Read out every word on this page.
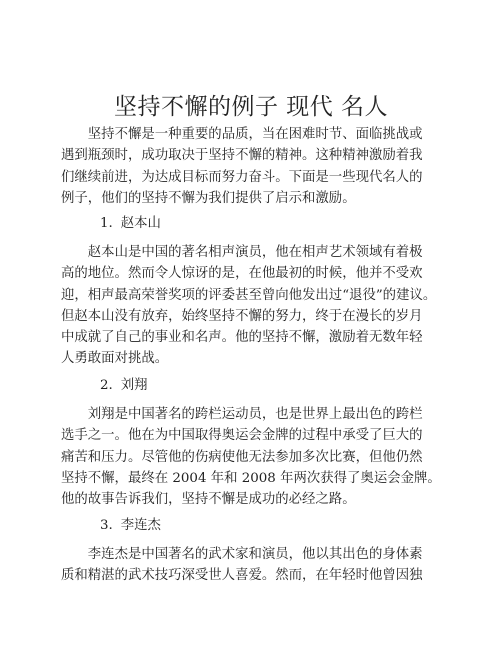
坚持不懈的例子 现代 名人
坚持不懈是一种重要的品质，当在困难时节、面临挑战或
遇到瓶颈时，成功取决于坚持不懈的精神。这种精神激励着我
们继续前进，为达成目标而努力奋斗。下面是一些现代名人的
例子，他们的坚持不懈为我们提供了启示和激励。
1. 赵本山
赵本山是中国的著名相声演员，他在相声艺术领域有着极
高的地位。然而令人惊讶的是，在他最初的时候，他并不受欢
迎，相声最高荣誉奖项的评委甚至曾向他发出过“退役”的建议。
但赵本山没有放弃，始终坚持不懈的努力，终于在漫长的岁月
中成就了自己的事业和名声。他的坚持不懈，激励着无数年轻
人勇敢面对挑战。
2. 刘翔
刘翔是中国著名的跨栏运动员，也是世界上最出色的跨栏
选手之一。他在为中国取得奥运会金牌的过程中承受了巨大的
痛苦和压力。尽管他的伤病使他无法参加多次比赛，但他仍然
坚持不懈，最终在 2004 年和 2008 年两次获得了奥运会金牌。
他的故事告诉我们，坚持不懈是成功的必经之路。
3. 李连杰
李连杰是中国著名的武术家和演员，他以其出色的身体素
质和精湛的武术技巧深受世人喜爱。然而，在年轻时他曾因独
